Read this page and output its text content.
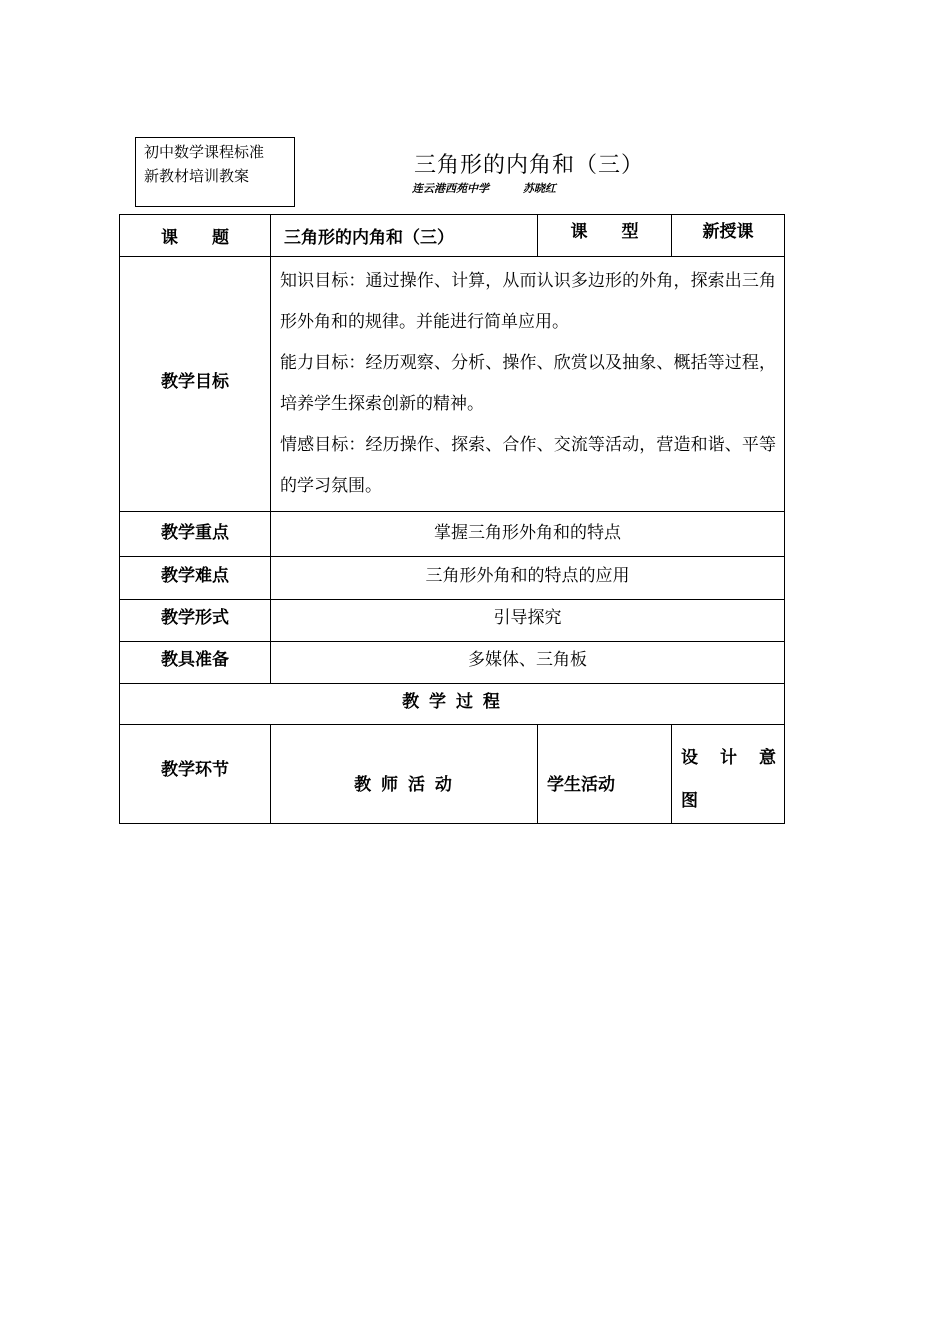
初中数学课程标准
新教材培训教案	三角形的内角和（三）
连云港西苑中学	苏晓红
课　　题	三角形的内角和（三）	课　　型	新授课
教学目标	知识目标：通过操作、计算，从而认识多边形的外角，探索出三角形外角和的规律。并能进行简单应用。

能力目标：经历观察、分析、操作、欣赏以及抽象、概括等过程，培养学生探索创新的精神。

情感目标：经历操作、探索、合作、交流等活动，营造和谐、平等的学习氛围。		

教学重点	掌握三角形外角和的特点		
教学难点	三角形外角和的特点的应用		
教学形式	引导探究		
教具准备	多媒体、三角板		
教 学 过 程			
教学环节	教 师 活 动	学生活动	设　计　意　图
